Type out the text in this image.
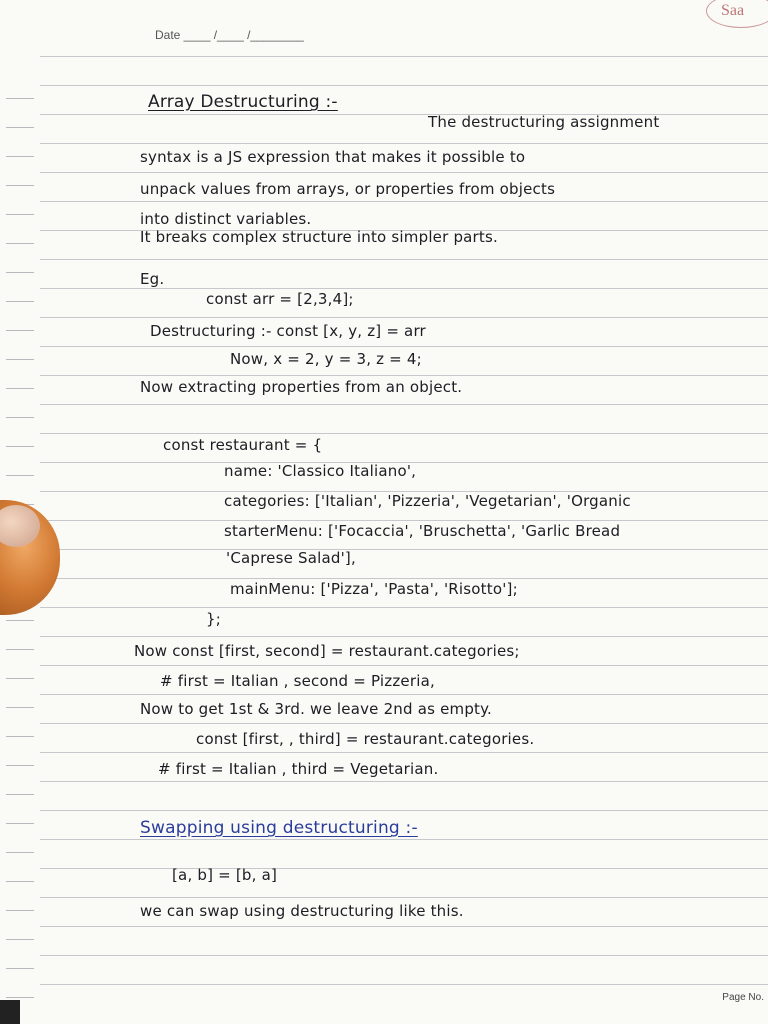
Saa
Date ____ /____ /________
Array Destructuring :-
The destructuring assignment
syntax is a JS expression that makes it possible to
unpack values from arrays, or properties from objects
into distinct variables.
It breaks complex structure into simpler parts.
Eg.
const arr = [2,3,4];
Destructuring :- const [x, y, z] = arr
Now, x = 2, y = 3, z = 4;
Now extracting properties from an object.
const restaurant = {
name: 'Classico Italiano',
categories: ['Italian', 'Pizzeria', 'Vegetarian', 'Organic
starterMenu: ['Focaccia', 'Bruschetta', 'Garlic Bread
'Caprese Salad'],
mainMenu: ['Pizza', 'Pasta', 'Risotto'];
};
Now const [first, second] = restaurant.categories;
# first = Italian , second = Pizzeria,
Now to get 1st & 3rd. we leave 2nd as empty.
const [first, , third] = restaurant.categories.
# first = Italian , third = Vegetarian.
Swapping using destructuring :-
[a, b] = [b, a]
we can swap using destructuring like this.
Page No.
